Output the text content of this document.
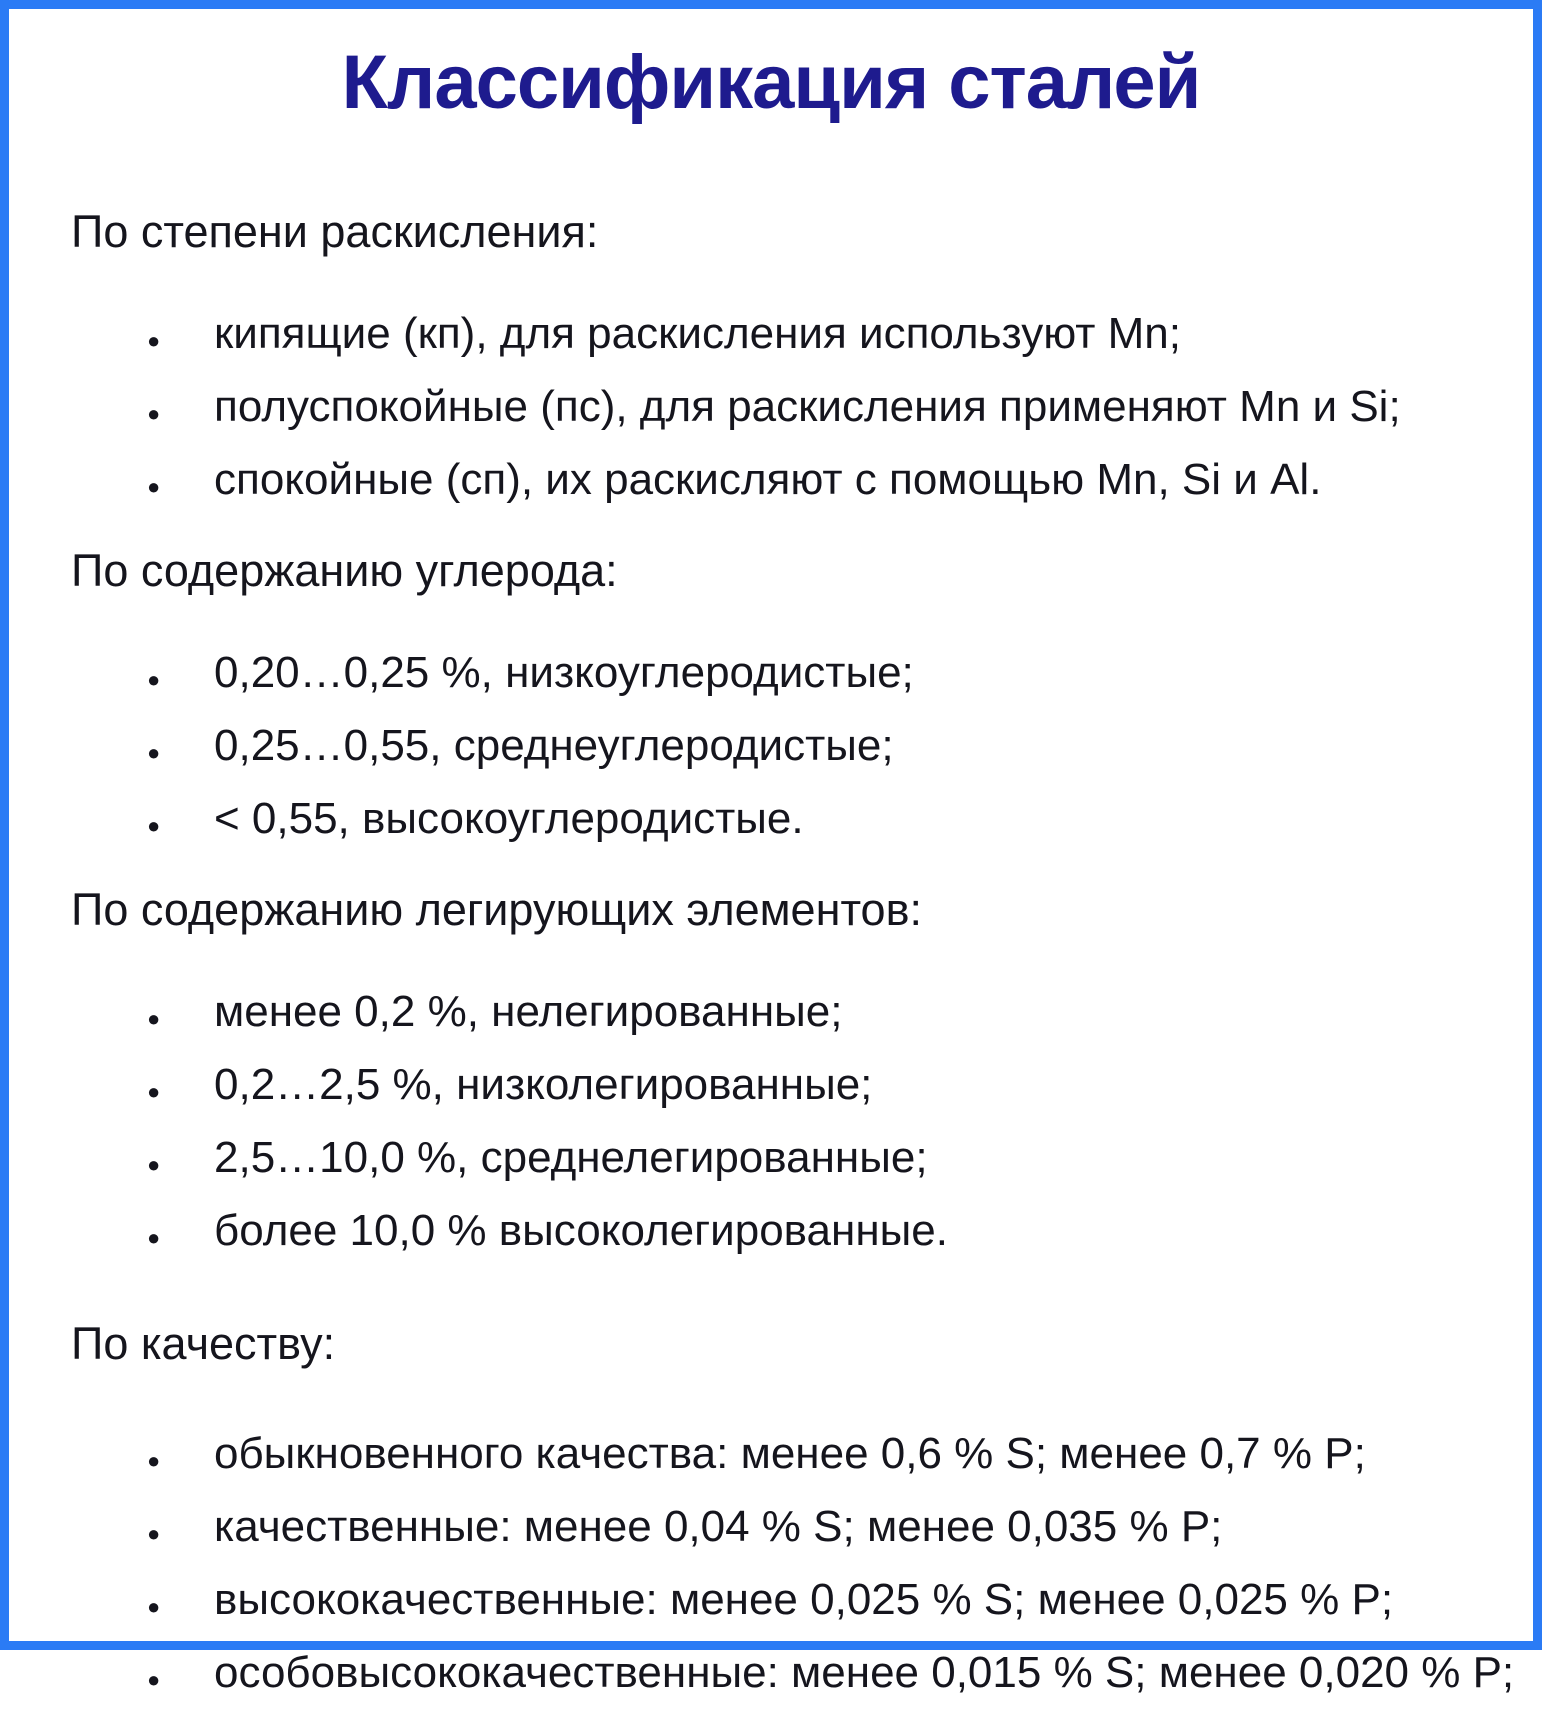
Классификация сталей
По степени раскисления:
●	кипящие (кп), для раскисления используют Mn;
●	полуспокойные (пс), для раскисления применяют Mn и Si;
●	спокойные (сп), их раскисляют с помощью Mn, Si и Al.
По содержанию углерода:
●	0,20…0,25 %, низкоуглеродистые;
●	0,25…0,55, среднеуглеродистые;
●	< 0,55, высокоуглеродистые.
По содержанию легирующих элементов:
●	менее 0,2 %, нелегированные;
●	0,2…2,5 %, низколегированные;
●	2,5…10,0 %, среднелегированные;
●	более 10,0 % высоколегированные.
По качеству:
●	обыкновенного качества: менее 0,6 % S; менее 0,7 % P;
●	качественные: менее 0,04 % S; менее 0,035 % P;
●	высококачественные: менее 0,025 % S; менее 0,025 % P;
●	особовысококачественные: менее 0,015 % S; менее 0,020 % P;
